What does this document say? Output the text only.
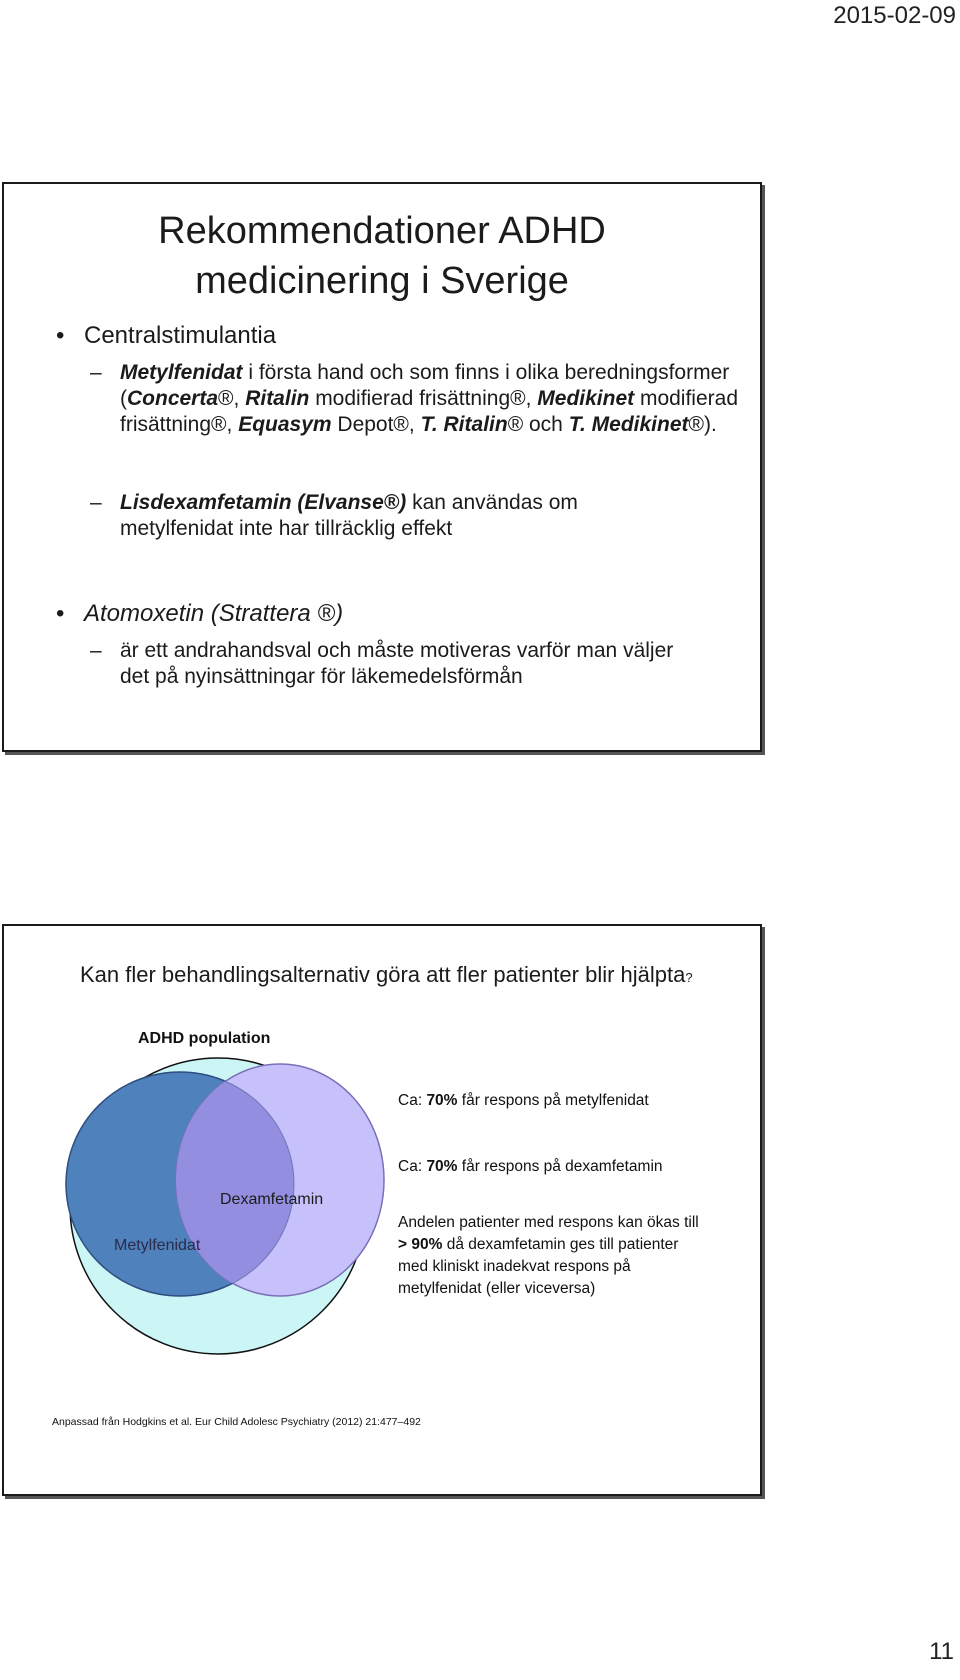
2015-02-09
Rekommendationer ADHD
medicinering i Sverige
• Centralstimulantia
– Metylfenidat i första hand och som finns i olika beredningsformer (Concerta®, Ritalin modifierad frisättning®, Medikinet modifierad frisättning®, Equasym Depot®, T. Ritalin® och T. Medikinet®).
– Lisdexamfetamin (Elvanse®) kan användas om metylfenidat inte har tillräcklig effekt
• Atomoxetin (Strattera ®)
– är ett andrahandsval och måste motiveras varför man väljer det på nyinsättningar för läkemedelsförmån
Kan fler behandlingsalternativ göra att fler patienter blir hjälpta?
ADHD population
Dexamfetamin
Metylfenidat
Ca: 70% får respons på metylfenidat
Ca: 70% får respons på dexamfetamin
Andelen patienter med respons kan ökas till
> 90% då dexamfetamin ges till patienter
med kliniskt inadekvat respons på
metylfenidat (eller viceversa)
Anpassad från Hodgkins et al. Eur Child Adolesc Psychiatry (2012) 21:477–492
11
